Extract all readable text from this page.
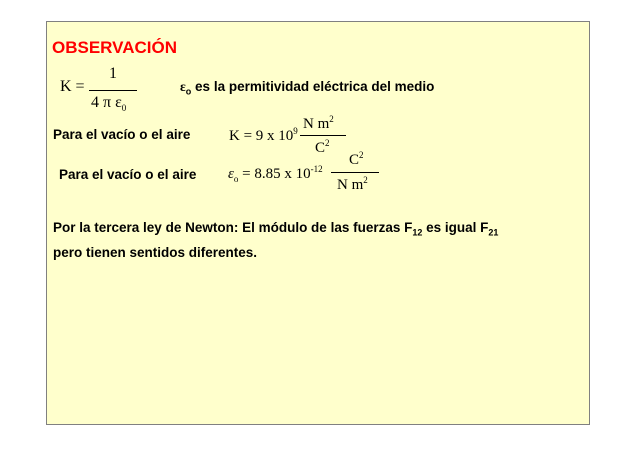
OBSERVACIÓN
K =
1
4 π $\varepsilon_0$
$\varepsilon_o$ es la permitividad eléctrica del medio
Para el vacío o el aire	K = 9 x $10^9$ N $m^2$
$C^2$
Para el vacío o el aire $\varepsilon_o = 8.85$ x $10^{-12}$
$C^2$
N $m^2$
Por la tercera ley de Newton: El módulo de las fuerzas $F_{12}$ es igual $F_{21}$
pero tienen sentidos diferentes.
